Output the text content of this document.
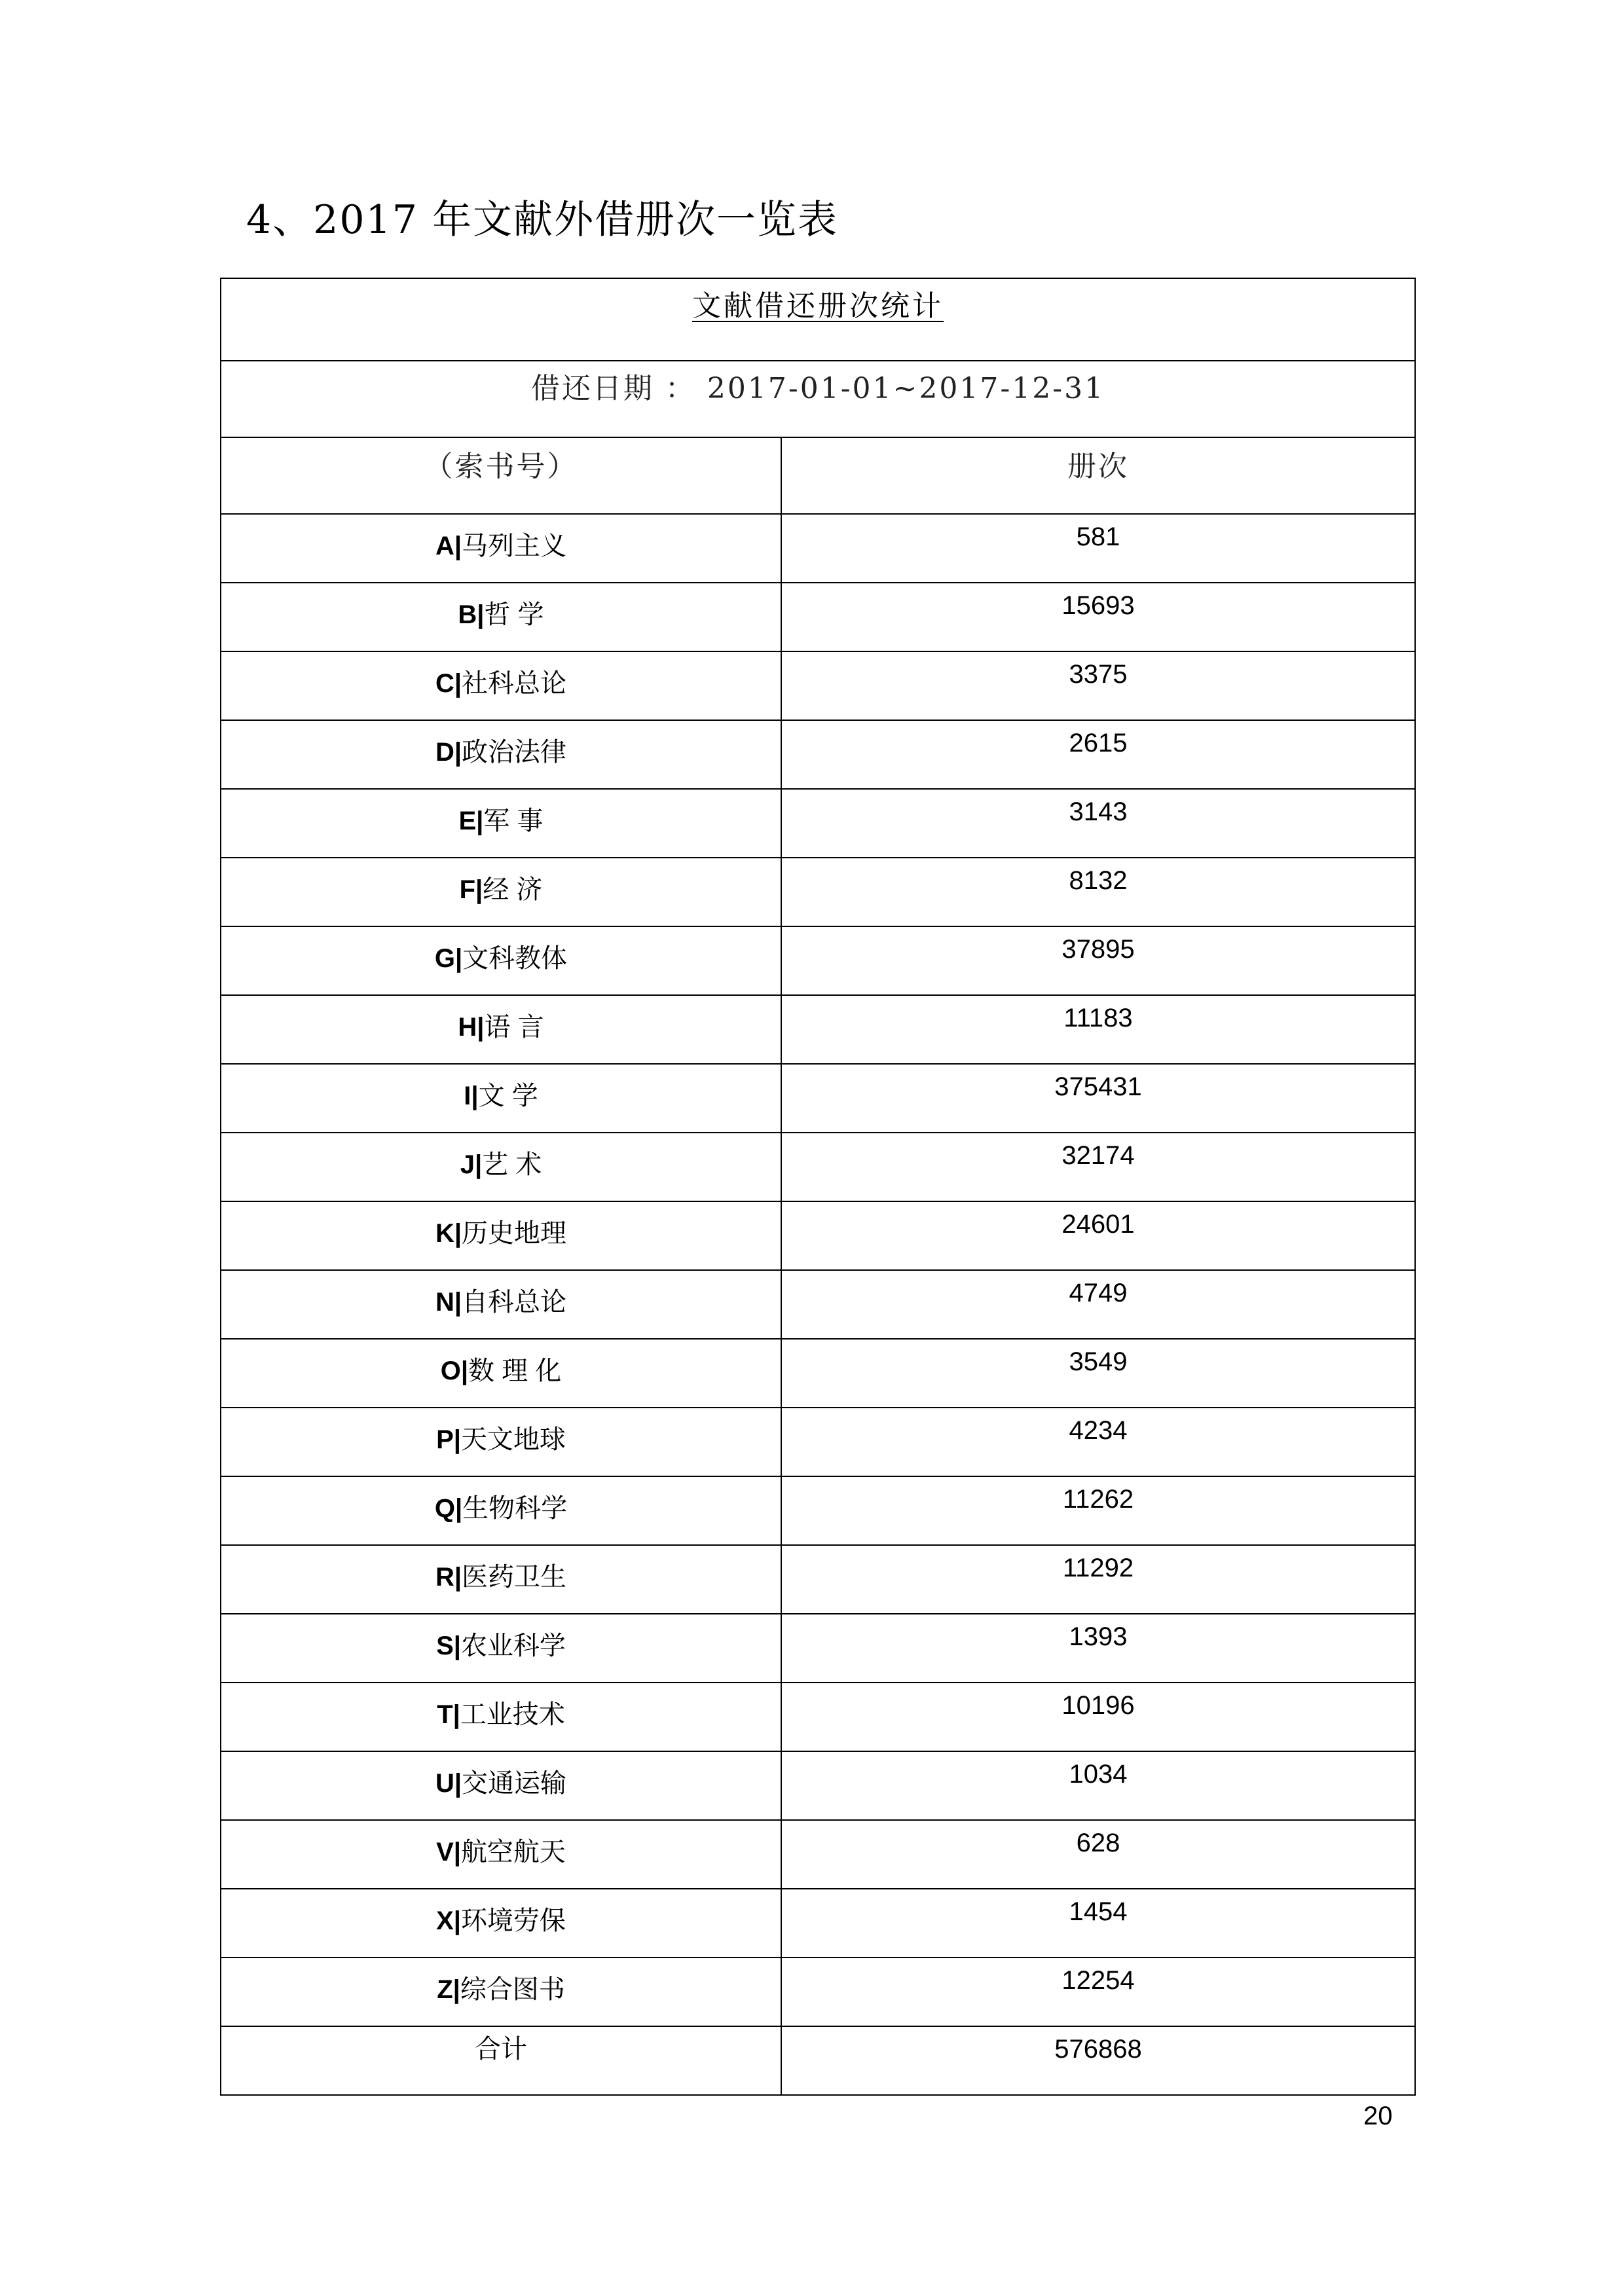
4、2017 年文献外借册次一览表
文献借还册次统计	
借还日期 ： 2017-01-01~2017-12-31	
（索书号）	册次
A|马列主义	581
B|哲 学	15693
C|社科总论	3375
D|政治法律	2615
E|军 事	3143
F|经 济	8132
G|文科教体	37895
H|语 言	11183
I|文 学	375431
J|艺 术	32174
K|历史地理	24601
N|自科总论	4749
O|数 理 化	3549
P|天文地球	4234
Q|生物科学	11262
R|医药卫生	11292
S|农业科学	1393
T|工业技术	10196
U|交通运输	1034
V|航空航天	628
X|环境劳保	1454
Z|综合图书	12254
合计	576868
20
